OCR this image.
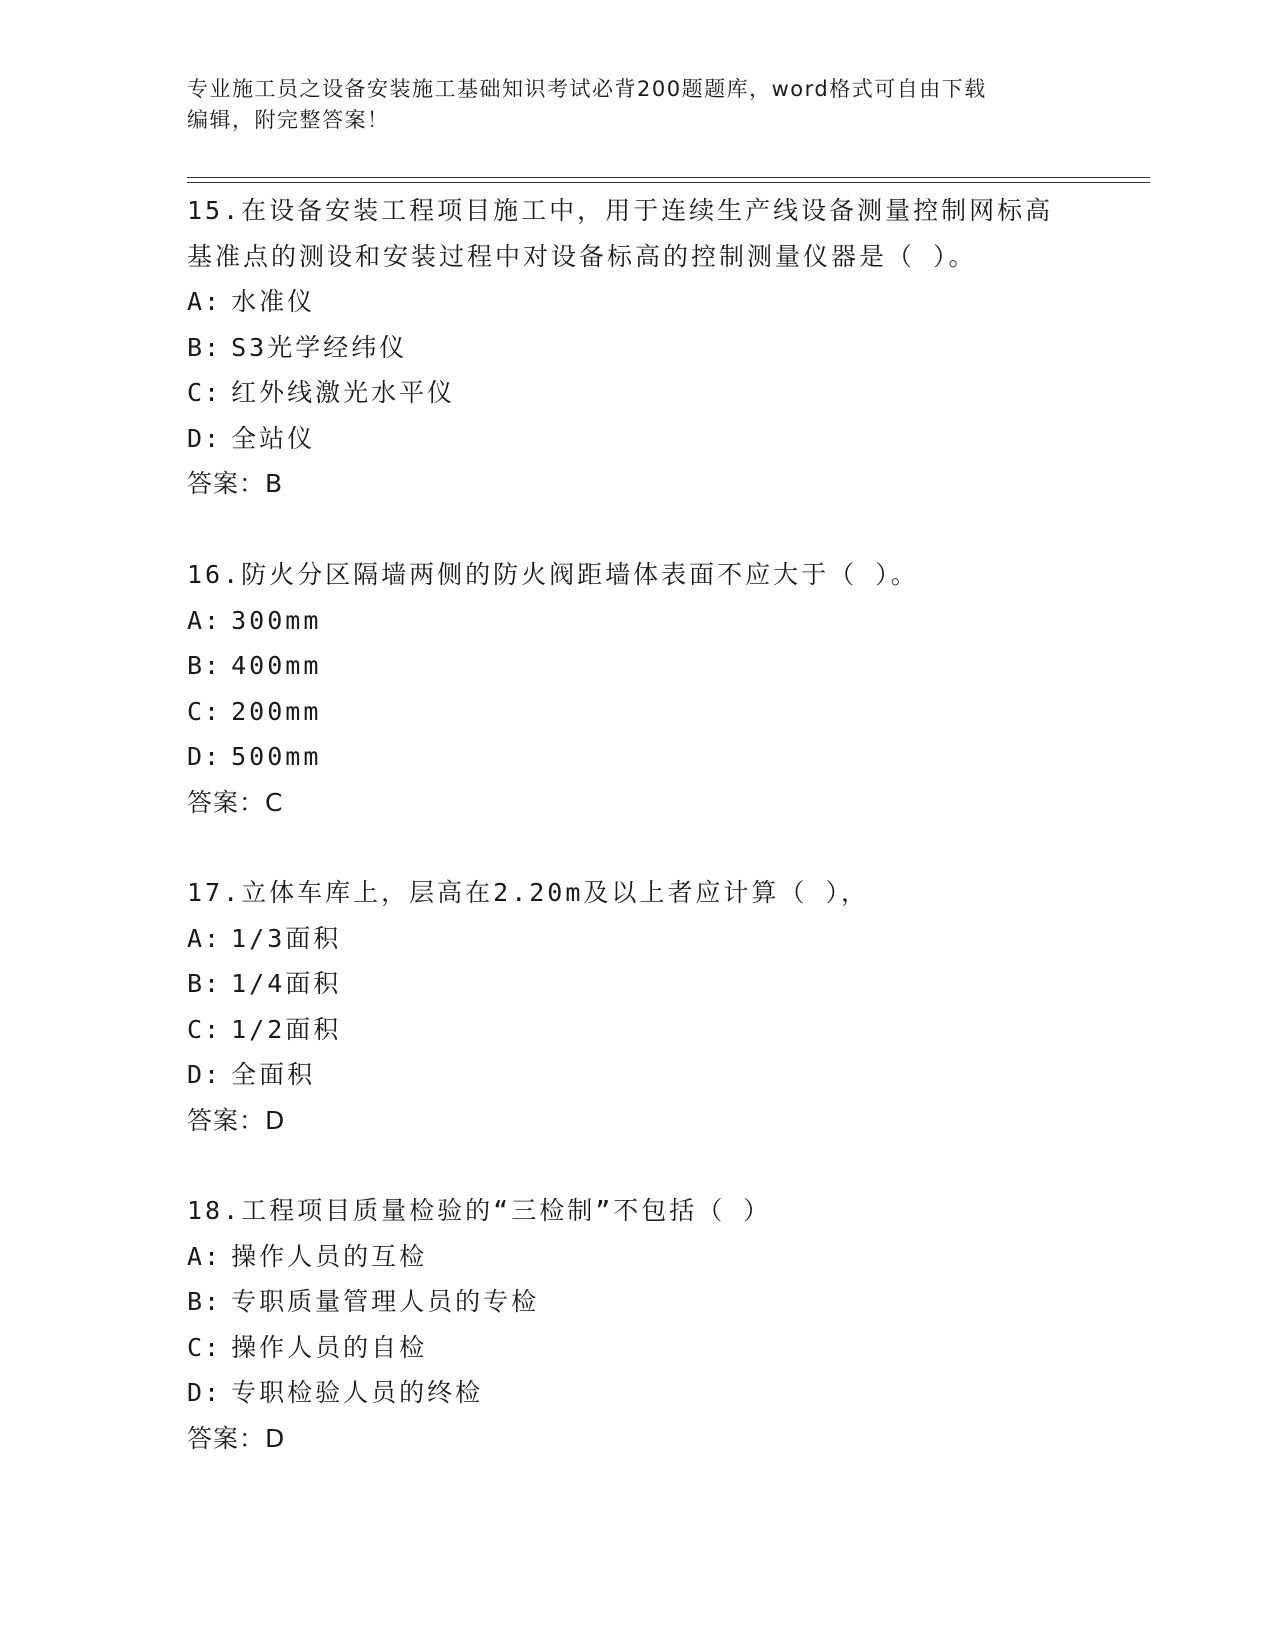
专业施工员之设备安装施工基础知识考试必背200题题库，word格式可自由下载
编辑，附完整答案！
15.在设备安装工程项目施工中，用于连续生产线设备测量控制网标高
基准点的测设和安装过程中对设备标高的控制测量仪器是（ ）。
A: 水准仪
B: S3光学经纬仪
C: 红外线激光水平仪
D: 全站仪
答案：B
16.防火分区隔墙两侧的防火阀距墙体表面不应大于（ ）。
A: 300mm
B: 400mm
C: 200mm
D: 500mm
答案：C
17.立体车库上，层高在2.20m及以上者应计算（ ），
A: 1/3面积
B: 1/4面积
C: 1/2面积
D: 全面积
答案：D
18.工程项目质量检验的“三检制”不包括（ ）
A: 操作人员的互检
B: 专职质量管理人员的专检
C: 操作人员的自检
D: 专职检验人员的终检
答案：D
